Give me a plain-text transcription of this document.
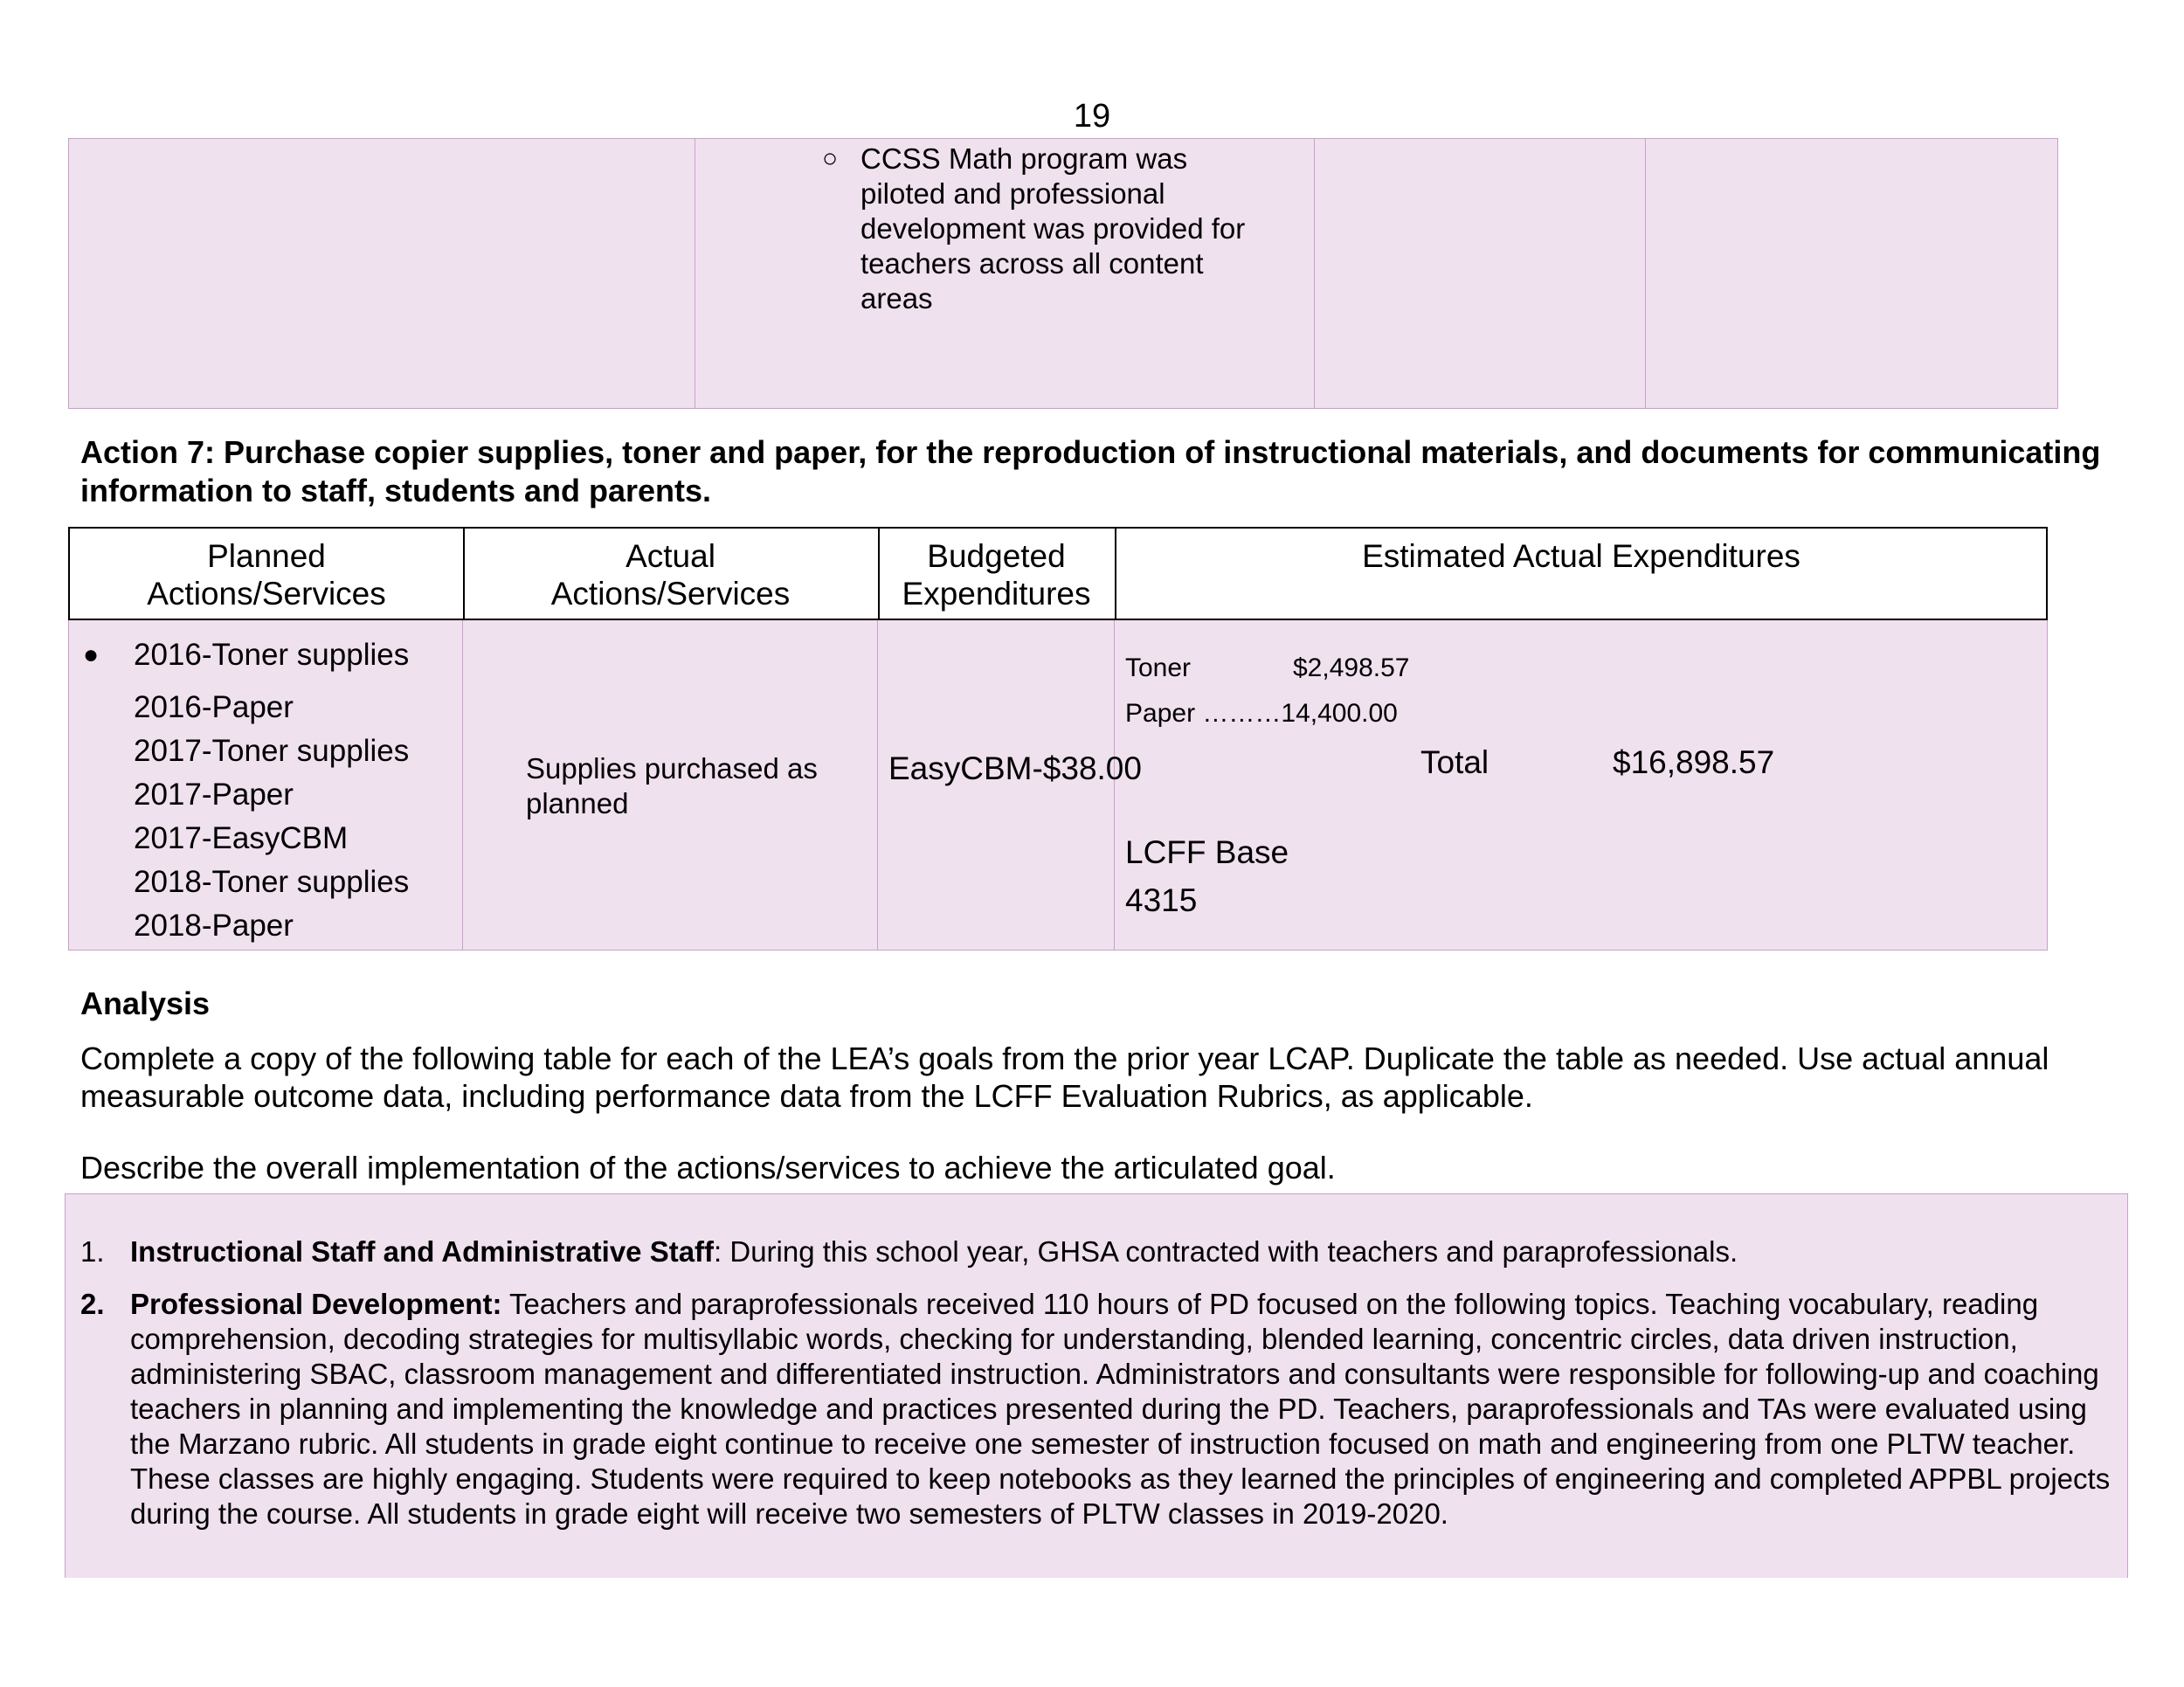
19
○ CCSS Math program was piloted and professional development was provided for teachers across all content areas
Action 7: Purchase copier supplies, toner and paper, for the reproduction of instructional materials, and documents for communicating information to staff, students and parents.
Planned
Actions/Services
Actual
Actions/Services
Budgeted
Expenditures
Estimated Actual Expenditures
● 2016-Toner supplies
2016-Paper
2017-Toner supplies
2017-Paper
2017-EasyCBM
2018-Toner supplies
2018-Paper
Supplies purchased as planned
EasyCBM-$38.00
Toner	$2,498.57
Paper ………14,400.00
Total	$16,898.57
LCFF Base
4315
Analysis
Complete a copy of the following table for each of the LEA’s goals from the prior year LCAP. Duplicate the table as needed. Use actual annual measurable outcome data, including performance data from the LCFF Evaluation Rubrics, as applicable.
Describe the overall implementation of the actions/services to achieve the articulated goal.
1. Instructional Staff and Administrative Staff: During this school year, GHSA contracted with teachers and paraprofessionals.
2. Professional Development: Teachers and paraprofessionals received 110 hours of PD focused on the following topics. Teaching vocabulary, reading comprehension, decoding strategies for multisyllabic words, checking for understanding, blended learning, concentric circles, data driven instruction, administering SBAC, classroom management and differentiated instruction. Administrators and consultants were responsible for following-up and coaching teachers in planning and implementing the knowledge and practices presented during the PD. Teachers, paraprofessionals and TAs were evaluated using the Marzano rubric. All students in grade eight continue to receive one semester of instruction focused on math and engineering from one PLTW teacher. These classes are highly engaging. Students were required to keep notebooks as they learned the principles of engineering and completed APPBL projects during the course. All students in grade eight will receive two semesters of PLTW classes in 2019-2020.
